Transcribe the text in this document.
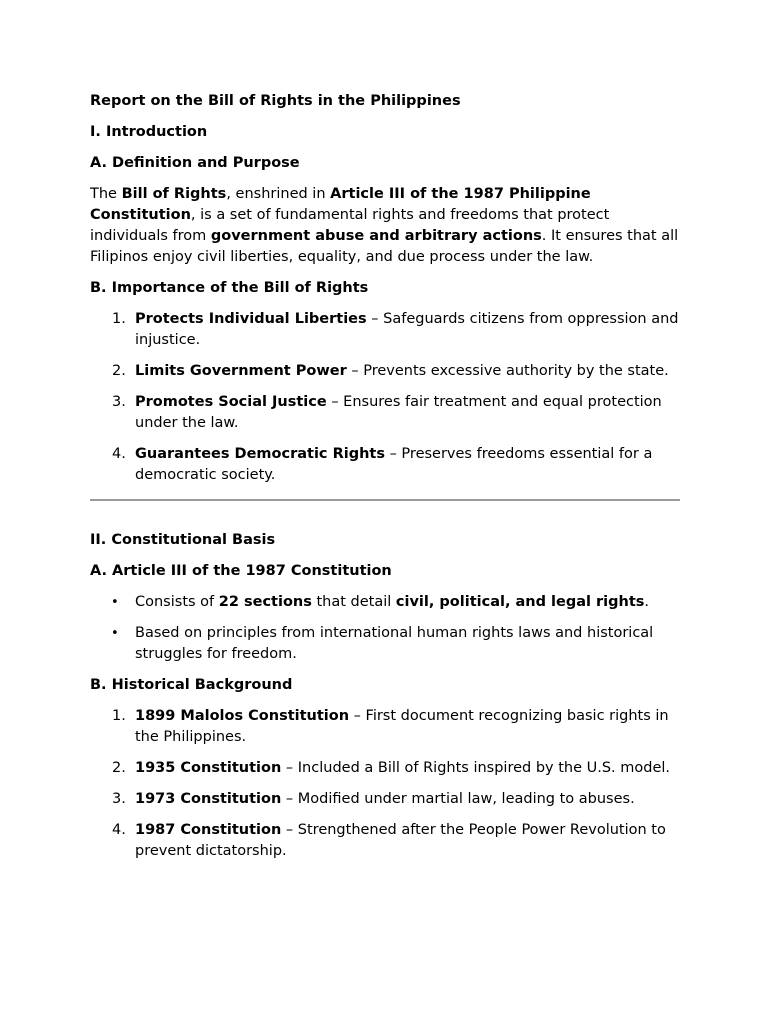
Report on the Bill of Rights in the Philippines
I. Introduction
A. Definition and Purpose

The Bill of Rights, enshrined in Article III of the 1987 Philippine Constitution, is a set of fundamental rights and freedoms that protect individuals from government abuse and arbitrary actions. It ensures that all Filipinos enjoy civil liberties, equality, and due process under the law.

B. Importance of the Bill of Rights
1. Protects Individual Liberties – Safeguards citizens from oppression and injustice.
2. Limits Government Power – Prevents excessive authority by the state.
3. Promotes Social Justice – Ensures fair treatment and equal protection under the law.
4. Guarantees Democratic Rights – Preserves freedoms essential for a democratic society.
II. Constitutional Basis
A. Article III of the 1987 Constitution
• Consists of 22 sections that detail civil, political, and legal rights.
• Based on principles from international human rights laws and historical struggles for freedom.
B. Historical Background
1. 1899 Malolos Constitution – First document recognizing basic rights in the Philippines.
2. 1935 Constitution – Included a Bill of Rights inspired by the U.S. model.
3. 1973 Constitution – Modified under martial law, leading to abuses.
4. 1987 Constitution – Strengthened after the People Power Revolution to prevent dictatorship.
